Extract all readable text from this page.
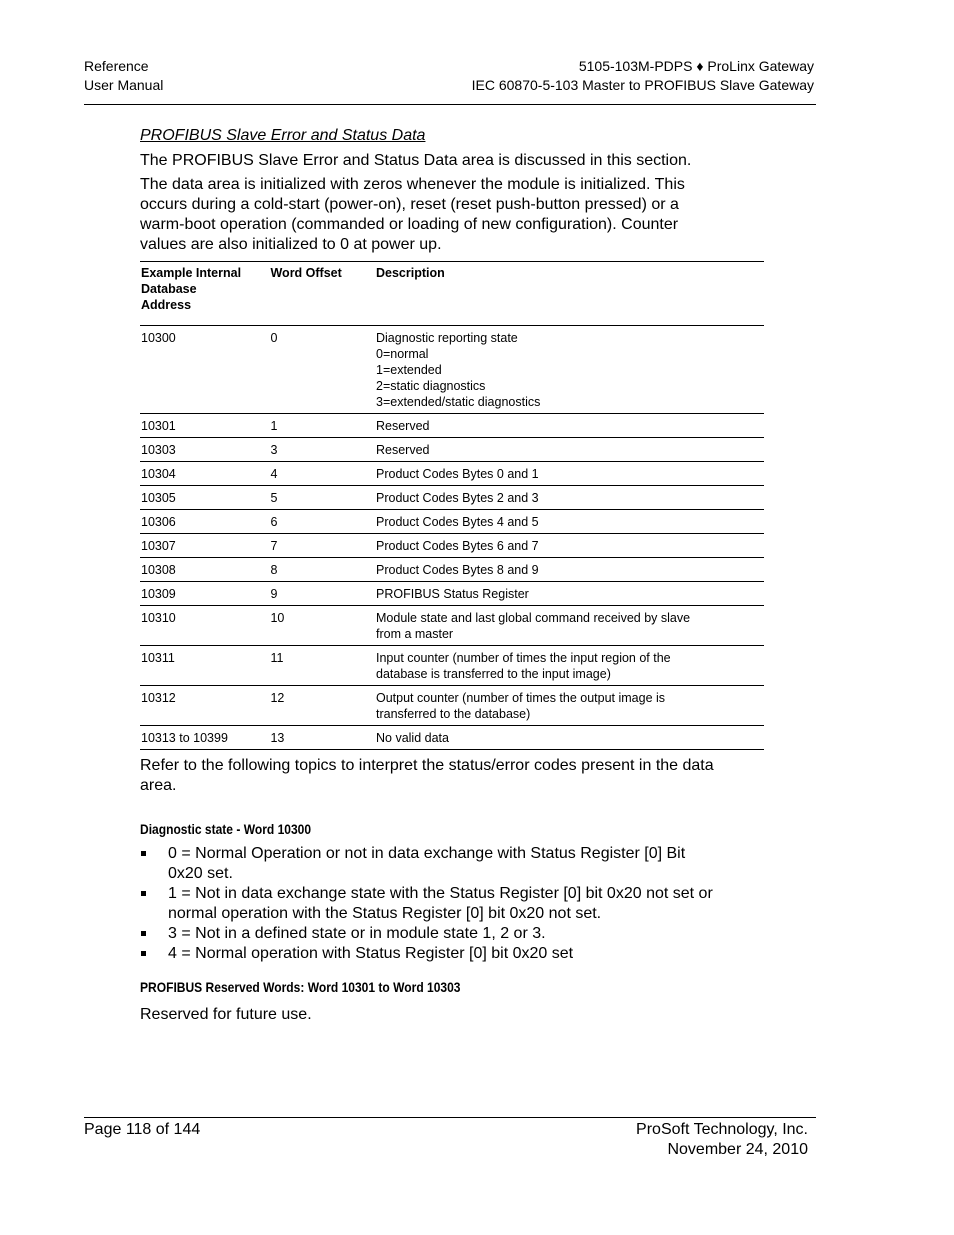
Reference
User Manual
5105-103M-PDPS ♦ ProLinx Gateway
IEC 60870-5-103 Master to PROFIBUS Slave Gateway
PROFIBUS Slave Error and Status Data
The PROFIBUS Slave Error and Status Data area is discussed in this section.
The data area is initialized with zeros whenever the module is initialized. This
occurs during a cold-start (power-on), reset (reset push-button pressed) or a
warm-boot operation (commanded or loading of new configuration). Counter
values are also initialized to 0 at power up.
Example Internal
Database
Address	Word Offset	Description
10300	0	Diagnostic reporting state
0=normal
1=extended
2=static diagnostics
3=extended/static diagnostics

10301	1	Reserved

10303	3	Reserved

10304	4	Product Codes Bytes 0 and 1

10305	5	Product Codes Bytes 2 and 3

10306	6	Product Codes Bytes 4 and 5

10307	7	Product Codes Bytes 6 and 7

10308	8	Product Codes Bytes 8 and 9

10309	9	PROFIBUS Status Register

10310	10	Module state and last global command received by slave
from a master

10311	11	Input counter (number of times the input region of the
database is transferred to the input image)

10312	12	Output counter (number of times the output image is
transferred to the database)

10313 to 10399	13	No valid data
Refer to the following topics to interpret the status/error codes present in the data
area.
Diagnostic state - Word 10300
0 = Normal Operation or not in data exchange with Status Register [0] Bit
0x20 set.
1 = Not in data exchange state with the Status Register [0] bit 0x20 not set or
normal operation with the Status Register [0] bit 0x20 not set.
3 = Not in a defined state or in module state 1, 2 or 3.
4 = Normal operation with Status Register [0] bit 0x20 set
PROFIBUS Reserved Words: Word 10301 to Word 10303
Reserved for future use.
Page 118 of 144	ProSoft Technology, Inc.
November 24, 2010
